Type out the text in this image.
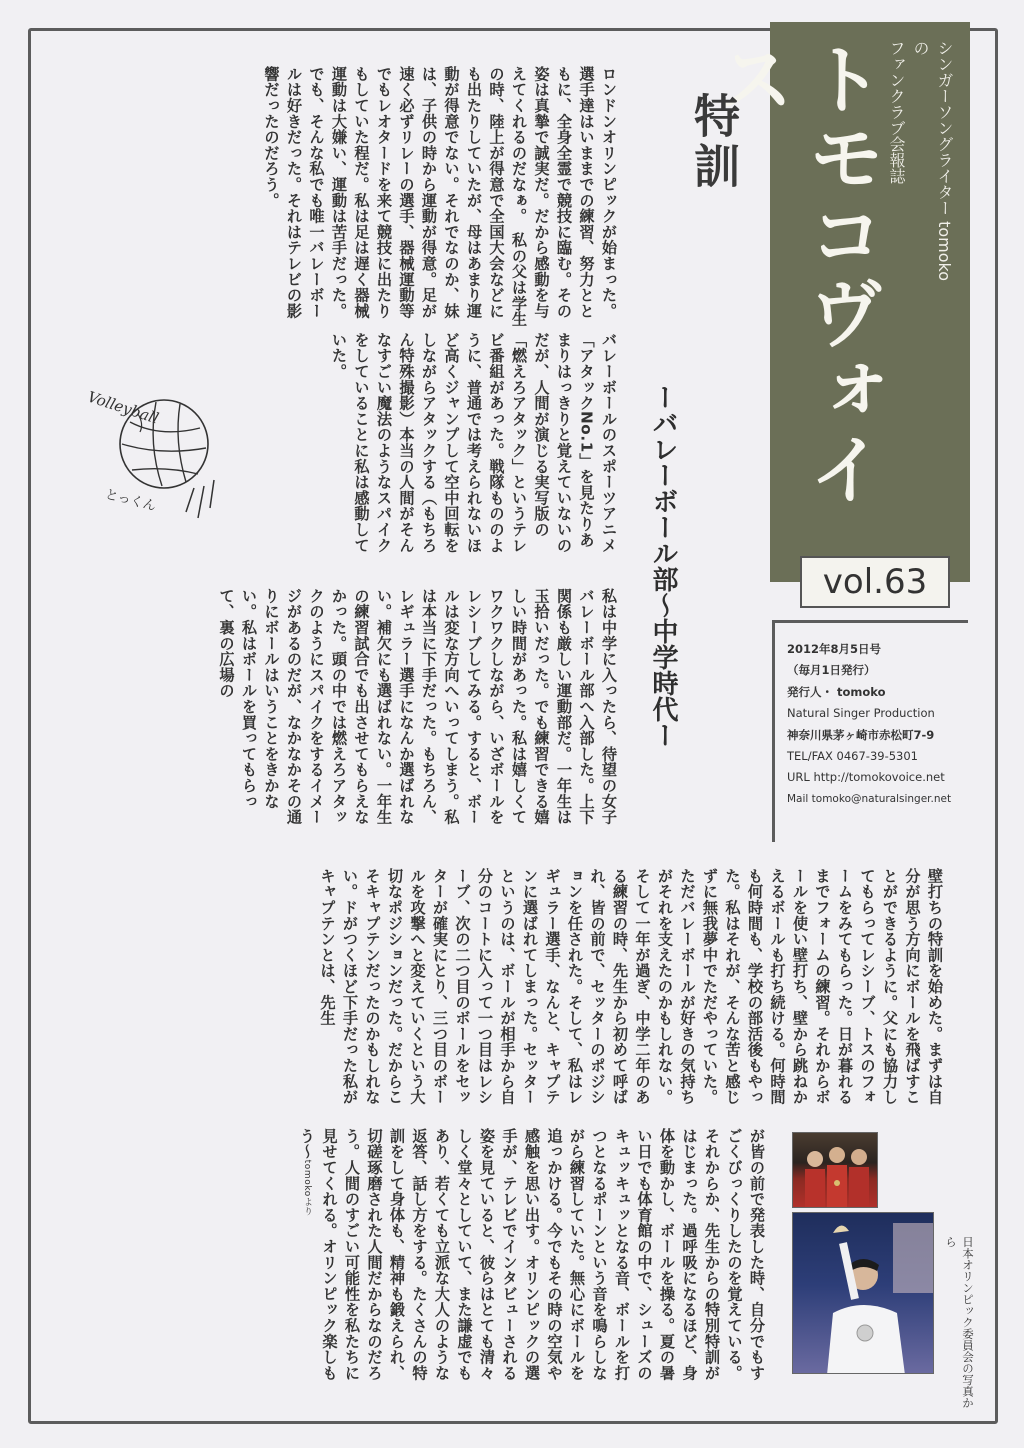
シンガーソングライター tomoko の
ファンクラブ会報誌
トモコヴォイス
vol.63
2012年8月5日号
（毎月1日発行）
発行人・ tomoko
Natural Singer Production
神奈川県茅ヶ崎市赤松町7-9
TEL/FAX 0467-39-5301
URL http://tomokovoice.net
Mail tomoko@naturalsinger.net
特訓
ーバレーボール部〜中学時代ー
ロンドンオリンピックが始まった。選手達はいままでの練習、努力とともに、全身全霊で競技に臨む。その姿は真摯で誠実だ。だから感動を与えてくれるのだなぁ。　私の父は学生の時、陸上が得意で全国大会などにも出たりしていたが、母はあまり運動が得意でない。それでなのか、妹は、子供の時から運動が得意。足が速く必ずリレーの選手、器械運動等でもレオタードを来て競技に出たりもしていた程だ。私は足は遅く器械運動は大嫌い、運動は苦手だった。でも、そんな私でも唯一バレーボールは好きだった。それはテレビの影響だったのだろう。
バレーボールのスポーツアニメ「アタックNo.1」を見たりあまりはっきりと覚えていないのだが、人間が演じる実写版の「燃えろアタック」というテレビ番組があった。戦隊もののように、普通では考えられないほど高くジャンプして空中回転をしながらアタックする（もちろん特殊撮影）本当の人間がそんなすごい魔法のようなスパイクをしていることに私は感動していた。
私は中学に入ったら、待望の女子バレーボール部へ入部した。上下関係も厳しい運動部だ。一年生は玉拾いだった。でも練習できる嬉しい時間があった。私は嬉しくてワクワクしながら、いざボールをレシーブしてみる。すると、ボールは変な方向へいってしまう。私は本当に下手だった。もちろん、レギュラー選手になんか選ばれない。補欠にも選ばれない。一年生の練習試合でも出させてもらえなかった。頭の中では燃えろアタックのようにスパイクをするイメージがあるのだが、なかなかその通りにボールはいうことをきかない。私はボールを買ってもらって、裏の広場の
壁打ちの特訓を始めた。まずは自分が思う方向にボールを飛ばすことができるように。父にも協力してもらってレシーブ、トスのフォームをみてもらった。日が暮れるまでフォームの練習。それからボールを使い壁打ち、壁から跳ねかえるボールも打ち続ける。何時間も何時間も、学校の部活後もやった。私はそれが、そんな苦と感じずに無我夢中でただやっていた。ただバレーボールが好きの気持ちがそれを支えたのかもしれない。　そして一年が過ぎ、中学二年のある練習の時、先生から初めて呼ばれ、皆の前で、セッターのポジションを任された。そして、私はレギュラー選手、なんと、キャプテンに選ばれてしまった。セッターというのは、ボールが相手から自分のコートに入って一つ目はレシーブ、次の二つ目のボールをセッターが確実にとり、三つ目のボールを攻撃へと変えていくという大切なポジションだった。だからこそキャプテンだったのかもしれない。ドがつくほど下手だった私がキャプテンとは、先生
が皆の前で発表した時、自分でもすごくびっくりしたのを覚えている。それからか、先生からの特別特訓がはじまった。過呼吸になるほど、身体を動かし、ボールを操る。夏の暑い日でも体育館の中で、シューズのキュッキュッとなる音、ボールを打つとなるポーンという音を鳴らしながら練習していた。無心にボールを追っかける。今でもその時の空気や感触を思い出す。オリンピックの選手が、テレビでインタビューされる姿を見ていると、彼らはとても清々しく堂々としていて、また謙虚でもあり、若くても立派な大人のような返答、話し方をする。たくさんの特訓をして身体も、精神も鍛えられ、切磋琢磨された人間だからなのだろう。人間のすごい可能性を私たちに見せてくれる。オリンピック楽しもう〜tomokoより
Volleyball
とっくん
日本オリンピック委員会の写真から
